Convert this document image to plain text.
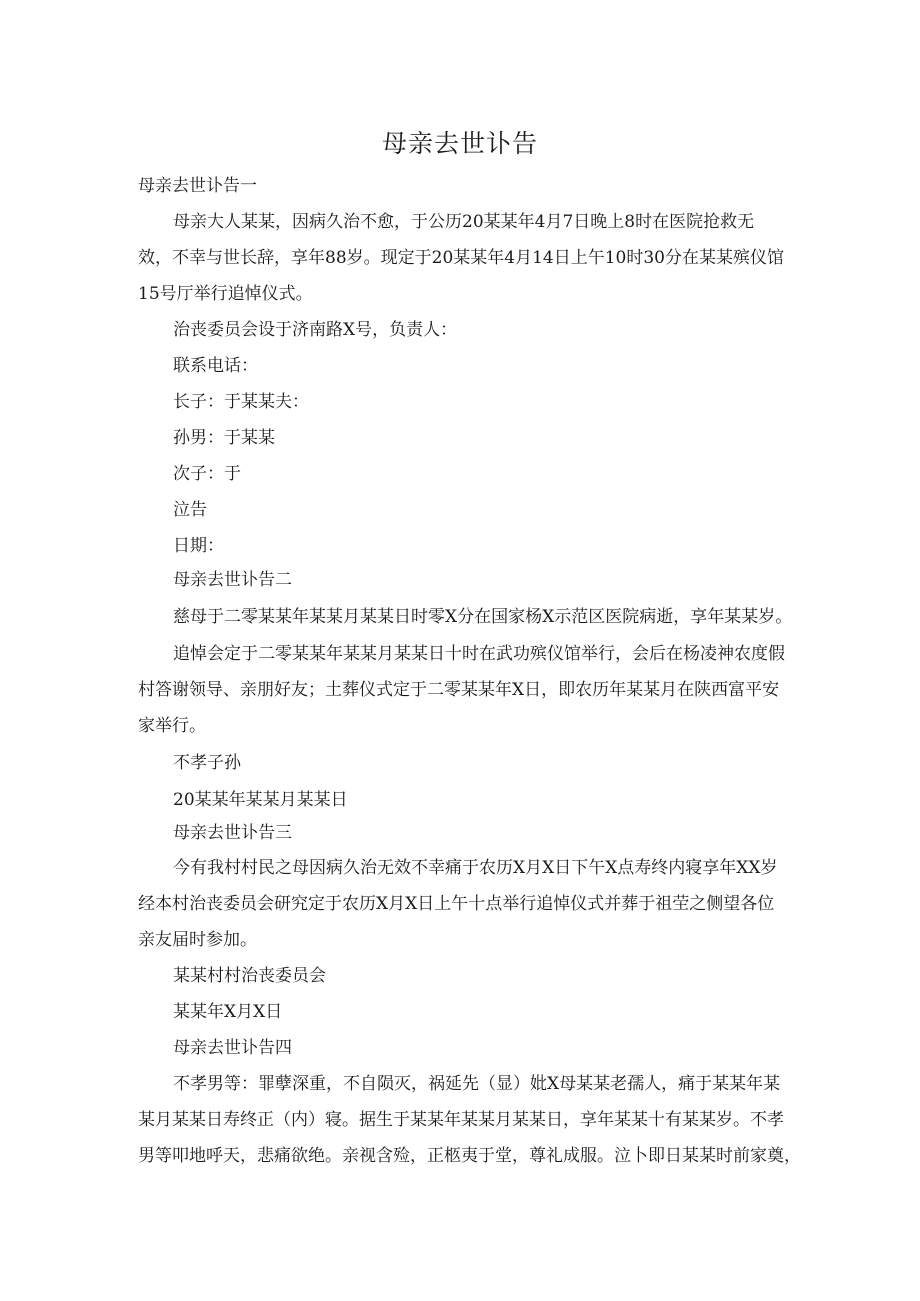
母亲去世讣告

母亲去世讣告一

母亲大人某某，因病久治不愈，于公历20某某年4月7日晚上8时在医院抢救无

效，不幸与世长辞，享年88岁。现定于20某某年4月14日上午10时30分在某某殡仪馆

15号厅举行追悼仪式。

治丧委员会设于济南路X号，负责人：

联系电话：

长子：于某某夫：

孙男：于某某

次子：于

泣告

日期：

母亲去世讣告二

慈母于二零某某年某某月某某日时零X分在国家杨X示范区医院病逝，享年某某岁。

追悼会定于二零某某年某某月某某日十时在武功殡仪馆举行，会后在杨凌神农度假

村答谢领导、亲朋好友；土葬仪式定于二零某某年X日，即农历年某某月在陕西富平安

家举行。

不孝子孙

20某某年某某月某某日

母亲去世讣告三

今有我村村民之母因病久治无效不幸痛于农历X月X日下午X点寿终内寝享年XX岁

经本村治丧委员会研究定于农历X月X日上午十点举行追悼仪式并葬于祖茔之侧望各位

亲友届时参加。

某某村村治丧委员会

某某年X月X日

母亲去世讣告四

不孝男等：罪孽深重，不自陨灭，祸延先（显）妣X母某某老孺人，痛于某某年某

某月某某日寿终正（内）寝。据生于某某年某某月某某日，享年某某十有某某岁。不孝

男等叩地呼天，悲痛欲绝。亲视含殓，正柩夷于堂，尊礼成服。泣卜即日某某时前家奠，
